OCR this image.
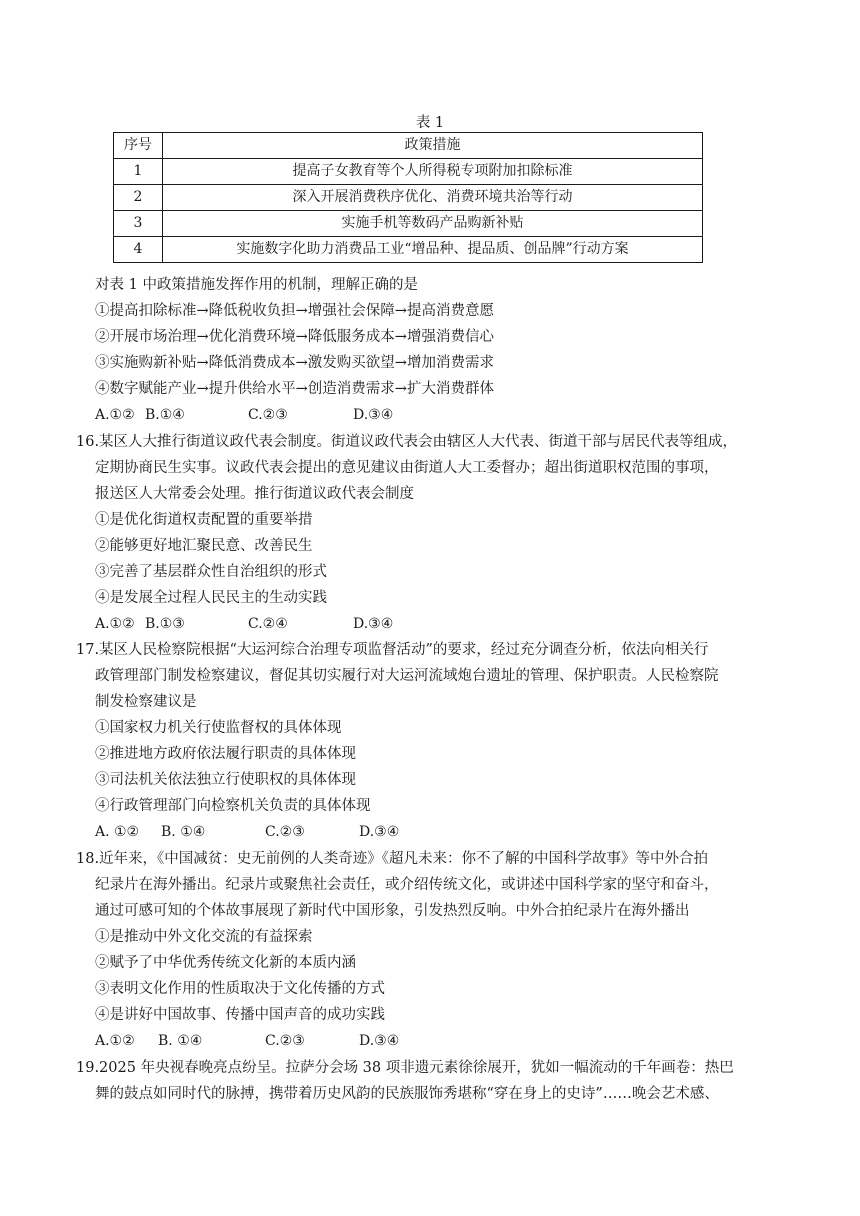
表 1
序号	政策措施
1	提高子女教育等个人所得税专项附加扣除标准
2	深入开展消费秩序优化、消费环境共治等行动
3	实施手机等数码产品购新补贴
4	实施数字化助力消费品工业“增品种、提品质、创品牌”行动方案
对表 1 中政策措施发挥作用的机制，理解正确的是
①提高扣除标准→降低税收负担→增强社会保障→提高消费意愿
②开展市场治理→优化消费环境→降低服务成本→增强消费信心
③实施购新补贴→降低消费成本→激发购买欲望→增加消费需求
④数字赋能产业→提升供给水平→创造消费需求→扩大消费群体
A.①② B.①④	C.②③	D.③④
16.某区人大推行街道议政代表会制度。街道议政代表会由辖区人大代表、街道干部与居民代表等组成，
定期协商民生实事。议政代表会提出的意见建议由街道人大工委督办；超出街道职权范围的事项，
报送区人大常委会处理。推行街道议政代表会制度
①是优化街道权责配置的重要举措
②能够更好地汇聚民意、改善民生
③完善了基层群众性自治组织的形式
④是发展全过程人民民主的生动实践
A.①② B.①③	C.②④	D.③④
17.某区人民检察院根据“大运河综合治理专项监督活动”的要求，经过充分调查分析，依法向相关行
政管理部门制发检察建议，督促其切实履行对大运河流域炮台遗址的管理、保护职责。人民检察院
制发检察建议是
①国家权力机关行使监督权的具体体现
②推进地方政府依法履行职责的具体体现
③司法机关依法独立行使职权的具体体现
④行政管理部门向检察机关负责的具体体现
A. ①② B. ①④	C.②③	D.③④
18.近年来，《中国减贫：史无前例的人类奇迹》《超凡未来：你不了解的中国科学故事》等中外合拍
纪录片在海外播出。纪录片或聚焦社会责任，或介绍传统文化，或讲述中国科学家的坚守和奋斗，
通过可感可知的个体故事展现了新时代中国形象，引发热烈反响。中外合拍纪录片在海外播出
①是推动中外文化交流的有益探索
②赋予了中华优秀传统文化新的本质内涵
③表明文化作用的性质取决于文化传播的方式
④是讲好中国故事、传播中国声音的成功实践
A.①② B. ①④	C.②③	D.③④
19.2025 年央视春晚亮点纷呈。拉萨分会场 38 项非遗元素徐徐展开，犹如一幅流动的千年画卷：热巴
舞的鼓点如同时代的脉搏，携带着历史风韵的民族服饰秀堪称“穿在身上的史诗”……晚会艺术感、
